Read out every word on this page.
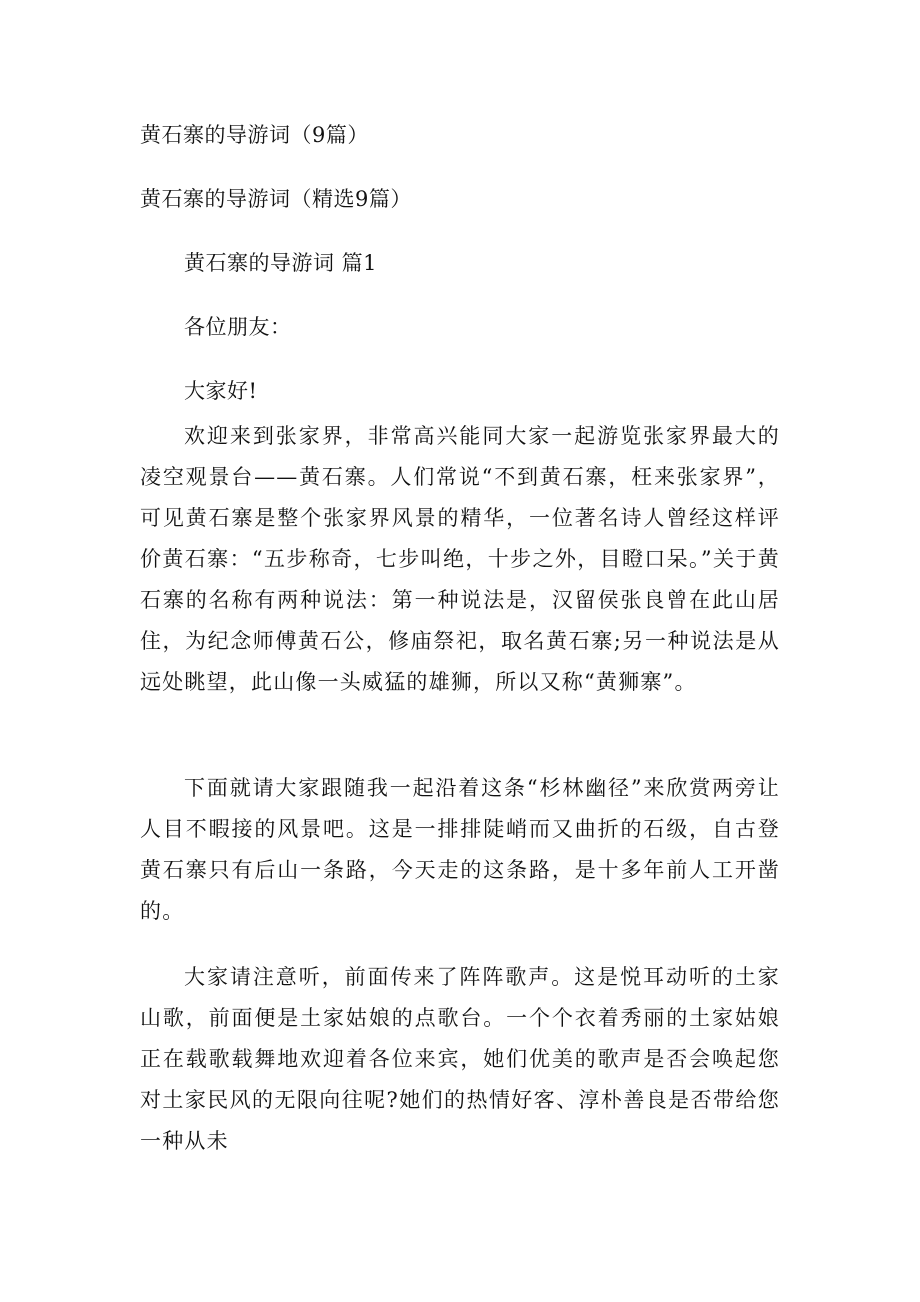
黄石寨的导游词（9篇）
黄石寨的导游词（精选9篇）
黄石寨的导游词 篇1
各位朋友：
大家好!

欢迎来到张家界，非常高兴能同大家一起游览张家界最大的凌空观景台——黄石寨。人们常说“不到黄石寨，枉来张家界”，可见黄石寨是整个张家界风景的精华，一位著名诗人曾经这样评价黄石寨：“五步称奇，七步叫绝，十步之外，目瞪口呆。”关于黄石寨的名称有两种说法：第一种说法是，汉留侯张良曾在此山居住，为纪念师傅黄石公，修庙祭祀，取名黄石寨;另一种说法是从远处眺望，此山像一头威猛的雄狮，所以又称“黄狮寨”。

下面就请大家跟随我一起沿着这条“杉林幽径”来欣赏两旁让人目不暇接的风景吧。这是一排排陡峭而又曲折的石级，自古登黄石寨只有后山一条路，今天走的这条路，是十多年前人工开凿的。

大家请注意听，前面传来了阵阵歌声。这是悦耳动听的土家山歌，前面便是土家姑娘的点歌台。一个个衣着秀丽的土家姑娘正在载歌载舞地欢迎着各位来宾，她们优美的歌声是否会唤起您对土家民风的无限向往呢?她们的热情好客、淳朴善良是否带给您一种从未
